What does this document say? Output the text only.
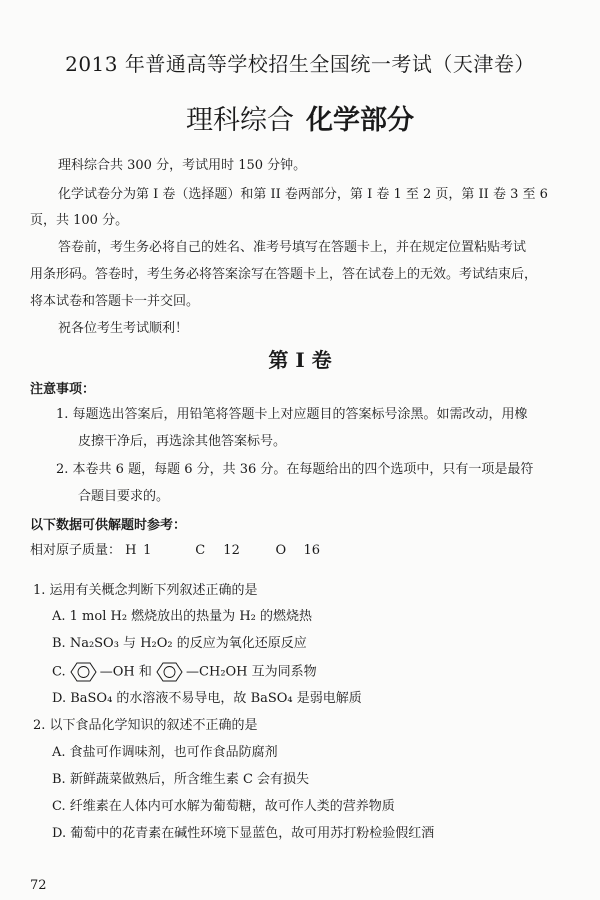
2013 年普通高等学校招生全国统一考试（天津卷）
理科综合 化学部分
理科综合共 300 分，考试用时 150 分钟。
化学试卷分为第 I 卷（选择题）和第 II 卷两部分，第 I 卷 1 至 2 页，第 II 卷 3 至 6
页，共 100 分。
答卷前，考生务必将自己的姓名、准考号填写在答题卡上，并在规定位置粘贴考试
用条形码。答卷时，考生务必将答案涂写在答题卡上，答在试卷上的无效。考试结束后，
将本试卷和答题卡一并交回。
祝各位考生考试顺利！
第 I 卷
注意事项：
1. 每题选出答案后，用铅笔将答题卡上对应题目的答案标号涂黑。如需改动，用橡
皮擦干净后，再选涂其他答案标号。
2. 本卷共 6 题，每题 6 分，共 36 分。在每题给出的四个选项中，只有一项是最符
合题目要求的。
以下数据可供解题时参考：
相对原子质量： H 1	C 12	O 16
1. 运用有关概念判断下列叙述正确的是
A. 1 mol H₂ 燃烧放出的热量为 H₂ 的燃烧热
B. Na₂SO₃ 与 H₂O₂ 的反应为氧化还原反应
C.	—OH 和 —CH₂OH 互为同系物
D. BaSO₄ 的水溶液不易导电，故 BaSO₄ 是弱电解质
2. 以下食品化学知识的叙述不正确的是
A. 食盐可作调味剂，也可作食品防腐剂
B. 新鲜蔬菜做熟后，所含维生素 C 会有损失
C. 纤维素在人体内可水解为葡萄糖，故可作人类的营养物质
D. 葡萄中的花青素在碱性环境下显蓝色，故可用苏打粉检验假红酒
72
